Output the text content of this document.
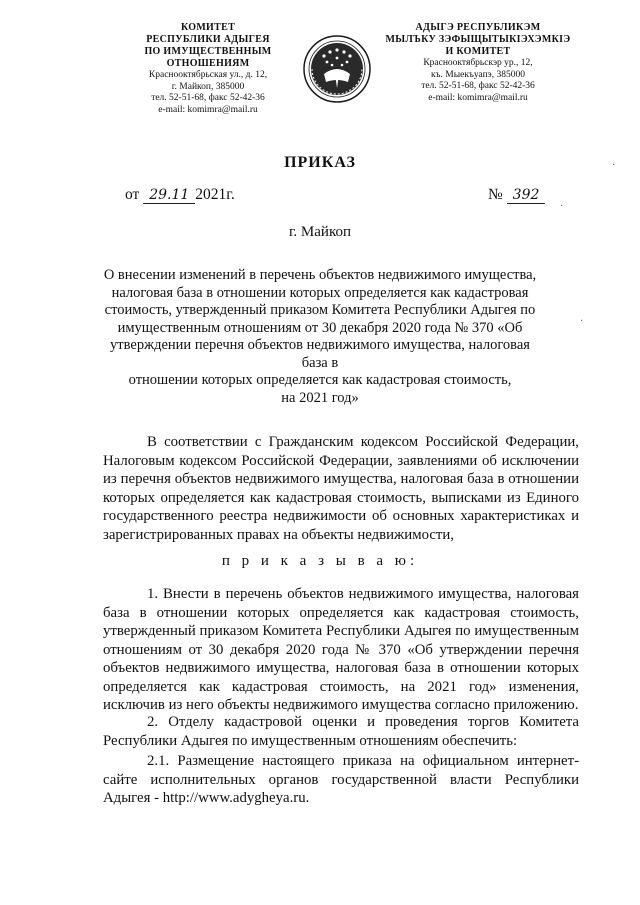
КОМИТЕТ
РЕСПУБЛИКИ АДЫГЕЯ
ПО ИМУЩЕСТВЕННЫМ ОТНОШЕНИЯМ
Краснооктябрьская ул., д. 12,
г. Майкоп, 385000
тел. 52-51-68, факс 52-42-36
e-mail: komimra@mail.ru
АДЫГЭ РЕСПУБЛИКЭМ
МЫЛЪКУ ЗЭФЫЩЫТЫКІЭХЭМКІЭ
И КОМИТЕТ
Краснооктябрьскэр ур., 12,
къ. Мыекъуапэ, 385000
тел. 52-51-68, факс 52-42-36
e-mail: komimra@mail.ru
ПРИКАЗ
от 29.11 2021г.	№ 392
г. Майкоп
О внесении изменений в перечень объектов недвижимого имущества,
налоговая база в отношении которых определяется как кадастровая
стоимость, утвержденный приказом Комитета Республики Адыгея по
имущественным отношениям от 30 декабря 2020 года № 370 «Об
утверждении перечня объектов недвижимого имущества, налоговая база в
отношении которых определяется как кадастровая стоимость,
на 2021 год»

В соответствии с Гражданским кодексом Российской Федерации, Налоговым кодексом Российской Федерации, заявлениями об исключении из перечня объектов недвижимого имущества, налоговая база в отношении которых определяется как кадастровая стоимость, выписками из Единого государственного реестра недвижимости об основных характеристиках и зарегистрированных правах на объекты недвижимости,

п р и к а з ы в а ю:

1. Внести в перечень объектов недвижимого имущества, налоговая база в отношении которых определяется как кадастровая стоимость, утвержденный приказом Комитета Республики Адыгея по имущественным отношениям от 30 декабря 2020 года № 370 «Об утверждении перечня объектов недвижимого имущества, налоговая база в отношении которых определяется как кадастровая стоимость, на 2021 год» изменения, исключив из него объекты недвижимого имущества согласно приложению.

2. Отделу кадастровой оценки и проведения торгов Комитета Республики Адыгея по имущественным отношениям обеспечить:

2.1. Размещение настоящего приказа на официальном интернет-сайте исполнительных органов государственной власти Республики Адыгея - http://www.adygheya.ru.

·
·
·
